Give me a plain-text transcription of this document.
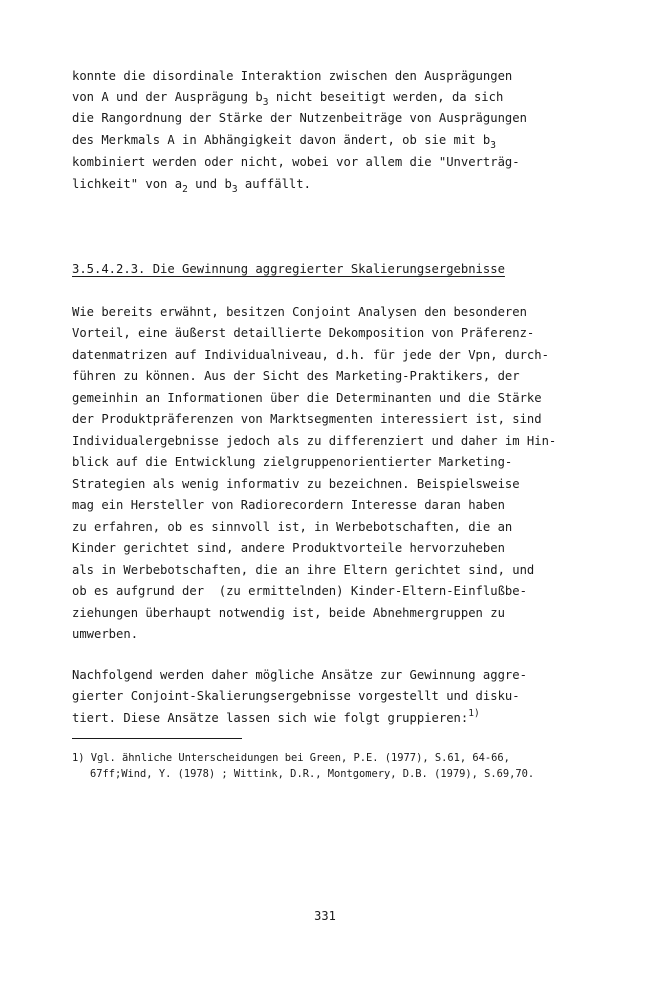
konnte die disordinale Interaktion zwischen den Ausprägungen
von A und der Ausprägung $b_3$ nicht beseitigt werden, da sich
die Rangordnung der Stärke der Nutzenbeiträge von Ausprägungen
des Merkmals A in Abhängigkeit davon ändert, ob sie mit $b_3$
kombiniert werden oder nicht, wobei vor allem die "Unverträg-
lichkeit" von $a_2$ und $b_3$ auffällt.
3.5.4.2.3. Die Gewinnung aggregierter Skalierungsergebnisse
Wie bereits erwähnt, besitzen Conjoint Analysen den besonderen
Vorteil, eine äußerst detaillierte Dekomposition von Präferenz-
datenmatrizen auf Individualniveau, d.h. für jede der Vpn, durch-
führen zu können. Aus der Sicht des Marketing-Praktikers, der
gemeinhin an Informationen über die Determinanten und die Stärke
der Produktpräferenzen von Marktsegmenten interessiert ist, sind
Individualergebnisse jedoch als zu differenziert und daher im Hin-
blick auf die Entwicklung zielgruppenorientierter Marketing-
Strategien als wenig informativ zu bezeichnen. Beispielsweise
mag ein Hersteller von Radiorecordern Interesse daran haben
zu erfahren, ob es sinnvoll ist, in Werbebotschaften, die an
Kinder gerichtet sind, andere Produktvorteile hervorzuheben
als in Werbebotschaften, die an ihre Eltern gerichtet sind, und
ob es aufgrund der  (zu ermittelnden) Kinder-Eltern-Einflußbe-
ziehungen überhaupt notwendig ist, beide Abnehmergruppen zu
umwerben.
Nachfolgend werden daher mögliche Ansätze zur Gewinnung aggre-
gierter Conjoint-Skalierungsergebnisse vorgestellt und disku-
tiert. Diese Ansätze lassen sich wie folgt gruppieren:$^{1)}$
1) Vgl. ähnliche Unterscheidungen bei Green, P.E. (1977), S.61, 64-66,
67ff;Wind, Y. (1978) ; Wittink, D.R., Montgomery, D.B. (1979), S.69,70.
331
